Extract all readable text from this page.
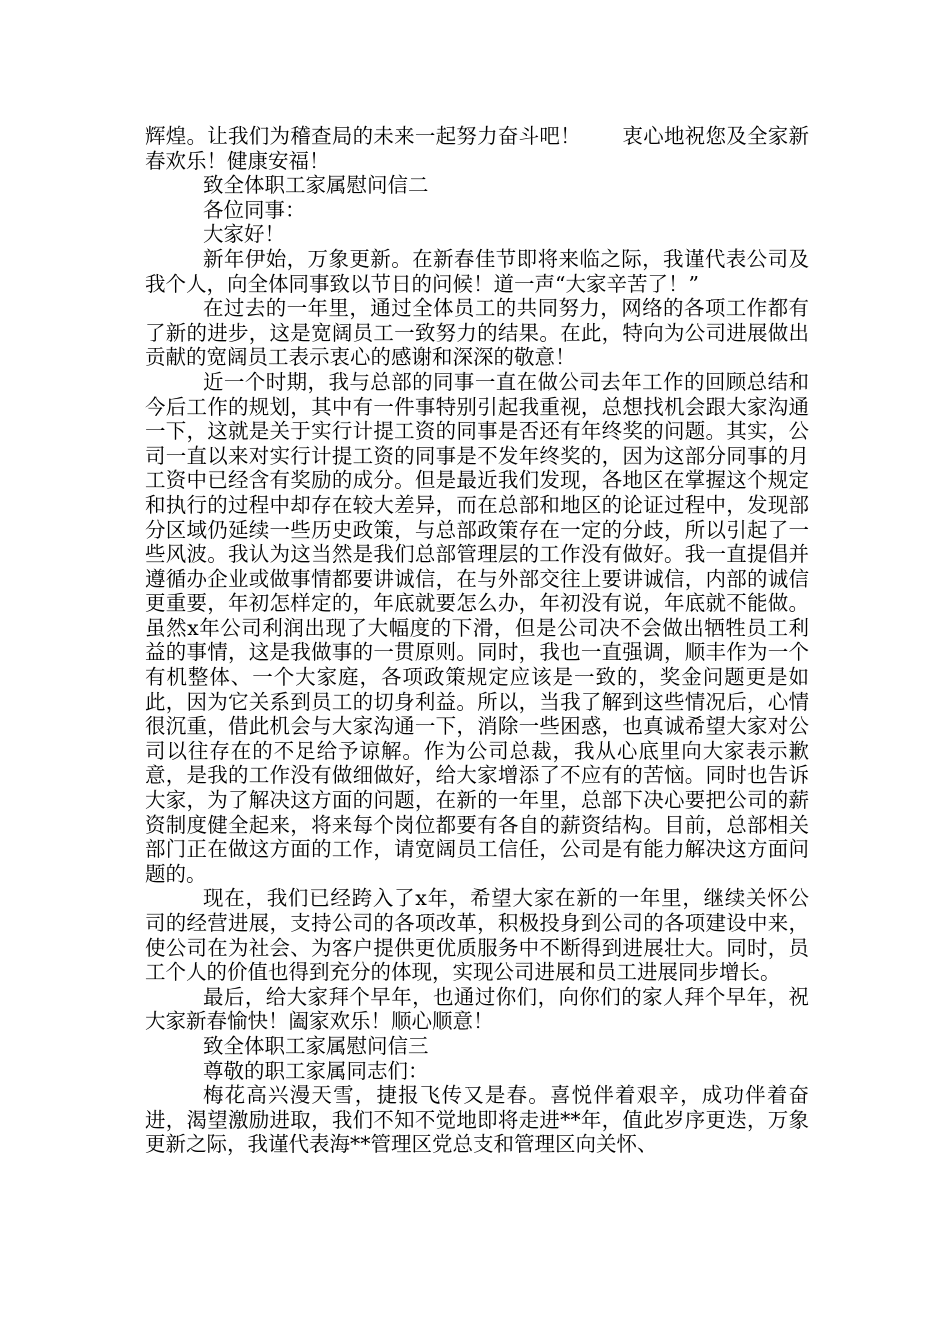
辉煌。让我们为稽查局的未来一起努力奋斗吧！　　衷心地祝您及全家新春欢乐！健康安福！

致全体职工家属慰问信二

各位同事：

大家好！

新年伊始，万象更新。在新春佳节即将来临之际，我谨代表公司及我个人，向全体同事致以节日的问候！道一声“大家辛苦了！”

在过去的一年里，通过全体员工的共同努力，网络的各项工作都有了新的进步，这是宽阔员工一致努力的结果。在此，特向为公司进展做出贡献的宽阔员工表示衷心的感谢和深深的敬意！

近一个时期，我与总部的同事一直在做公司去年工作的回顾总结和今后工作的规划，其中有一件事特别引起我重视，总想找机会跟大家沟通一下，这就是关于实行计提工资的同事是否还有年终奖的问题。其实，公司一直以来对实行计提工资的同事是不发年终奖的，因为这部分同事的月工资中已经含有奖励的成分。但是最近我们发现，各地区在掌握这个规定和执行的过程中却存在较大差异，而在总部和地区的论证过程中，发现部分区域仍延续一些历史政策，与总部政策存在一定的分歧，所以引起了一些风波。我认为这当然是我们总部管理层的工作没有做好。我一直提倡并遵循办企业或做事情都要讲诚信，在与外部交往上要讲诚信，内部的诚信更重要，年初怎样定的，年底就要怎么办，年初没有说，年底就不能做。虽然x年公司利润出现了大幅度的下滑，但是公司决不会做出牺牲员工利益的事情，这是我做事的一贯原则。同时，我也一直强调，顺丰作为一个有机整体、一个大家庭，各项政策规定应该是一致的，奖金问题更是如此，因为它关系到员工的切身利益。所以，当我了解到这些情况后，心情很沉重，借此机会与大家沟通一下，消除一些困惑，也真诚希望大家对公司以往存在的不足给予谅解。作为公司总裁，我从心底里向大家表示歉意，是我的工作没有做细做好，给大家增添了不应有的苦恼。同时也告诉大家，为了解决这方面的问题，在新的一年里，总部下决心要把公司的薪资制度健全起来，将来每个岗位都要有各自的薪资结构。目前，总部相关部门正在做这方面的工作，请宽阔员工信任，公司是有能力解决这方面问题的。

现在，我们已经跨入了x年，希望大家在新的一年里，继续关怀公司的经营进展，支持公司的各项改革，积极投身到公司的各项建设中来，使公司在为社会、为客户提供更优质服务中不断得到进展壮大。同时，员工个人的价值也得到充分的体现，实现公司进展和员工进展同步增长。

最后，给大家拜个早年，也通过你们，向你们的家人拜个早年，祝大家新春愉快！阖家欢乐！顺心顺意！

致全体职工家属慰问信三

尊敬的职工家属同志们：

梅花高兴漫天雪，捷报飞传又是春。喜悦伴着艰辛，成功伴着奋进，渴望激励进取，我们不知不觉地即将走进**年，值此岁序更迭，万象更新之际，我谨代表海**管理区党总支和管理区向关怀、
